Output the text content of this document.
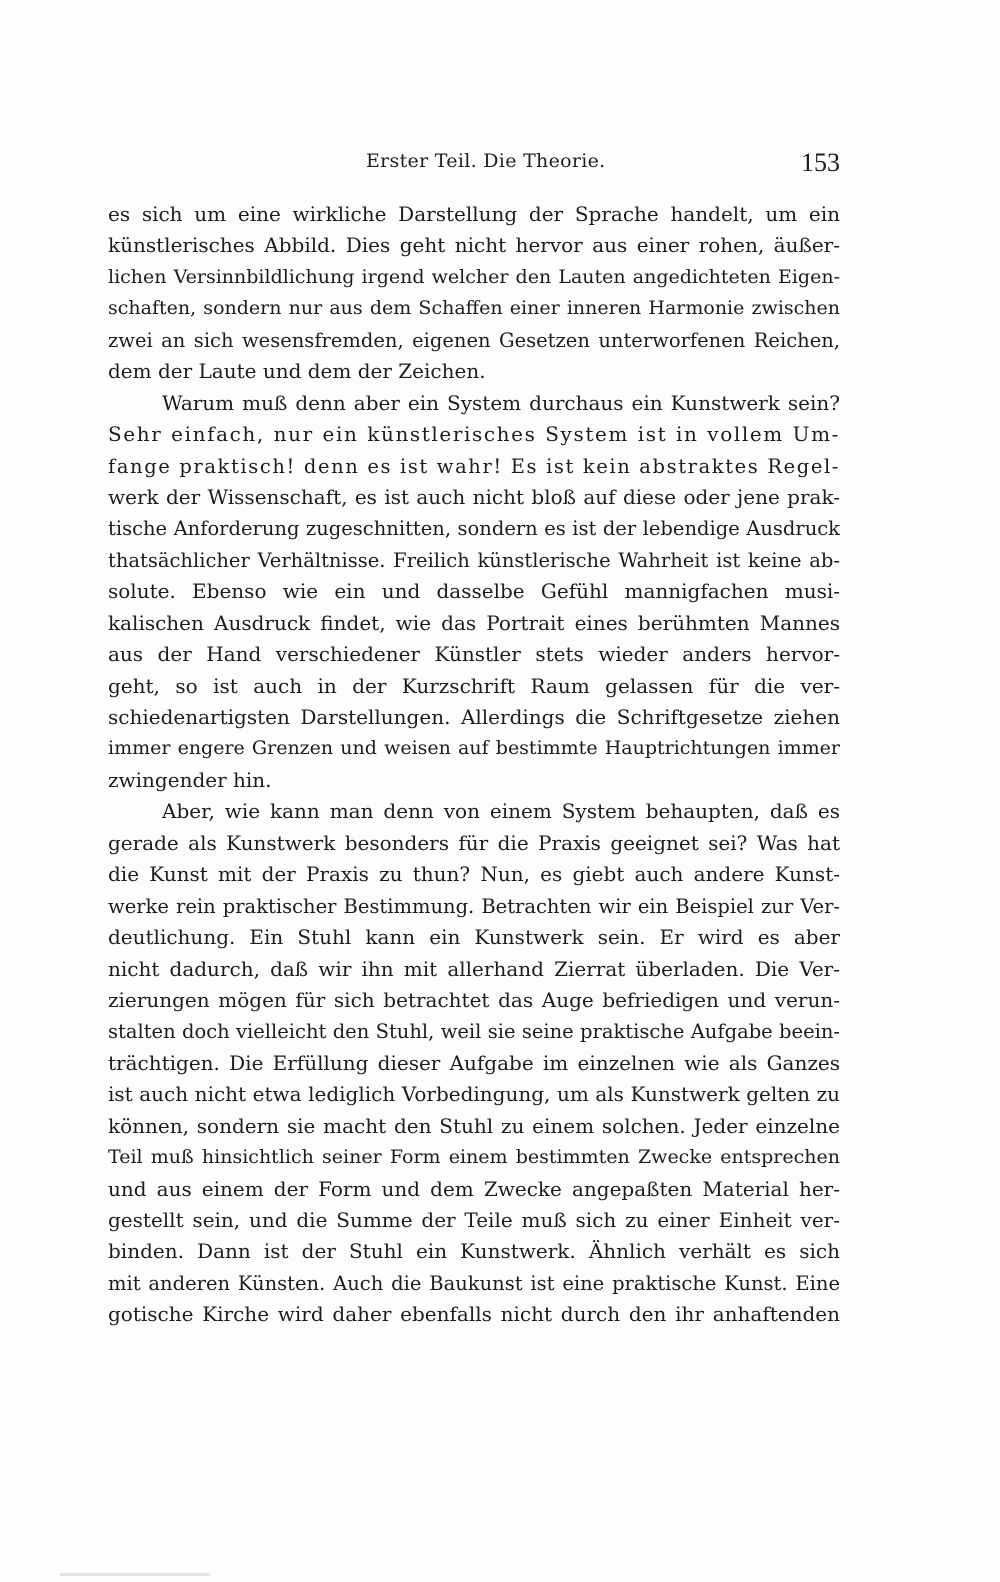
Erster Teil. Die Theorie.	153
es sich um eine wirkliche Darstellung der Sprache handelt, um ein
künstlerisches Abbild. Dies geht nicht hervor aus einer rohen, äußer-
lichen Versinnbildlichung irgend welcher den Lauten angedichteten Eigen-
schaften, sondern nur aus dem Schaffen einer inneren Harmonie zwischen
zwei an sich wesensfremden, eigenen Gesetzen unterworfenen Reichen,
dem der Laute und dem der Zeichen.
Warum muß denn aber ein System durchaus ein Kunstwerk sein?
Sehr einfach, nur ein künstlerisches System ist in vollem Um-
fange praktisch! denn es ist wahr! Es ist kein abstraktes Regel-
werk der Wissenschaft, es ist auch nicht bloß auf diese oder jene prak-
tische Anforderung zugeschnitten, sondern es ist der lebendige Ausdruck
thatsächlicher Verhältnisse. Freilich künstlerische Wahrheit ist keine ab-
solute. Ebenso wie ein und dasselbe Gefühl mannigfachen musi-
kalischen Ausdruck findet, wie das Portrait eines berühmten Mannes
aus der Hand verschiedener Künstler stets wieder anders hervor-
geht, so ist auch in der Kurzschrift Raum gelassen für die ver-
schiedenartigsten Darstellungen. Allerdings die Schriftgesetze ziehen
immer engere Grenzen und weisen auf bestimmte Hauptrichtungen immer
zwingender hin.
Aber, wie kann man denn von einem System behaupten, daß es
gerade als Kunstwerk besonders für die Praxis geeignet sei? Was hat
die Kunst mit der Praxis zu thun? Nun, es giebt auch andere Kunst-
werke rein praktischer Bestimmung. Betrachten wir ein Beispiel zur Ver-
deutlichung. Ein Stuhl kann ein Kunstwerk sein. Er wird es aber
nicht dadurch, daß wir ihn mit allerhand Zierrat überladen. Die Ver-
zierungen mögen für sich betrachtet das Auge befriedigen und verun-
stalten doch vielleicht den Stuhl, weil sie seine praktische Aufgabe beein-
trächtigen. Die Erfüllung dieser Aufgabe im einzelnen wie als Ganzes
ist auch nicht etwa lediglich Vorbedingung, um als Kunstwerk gelten zu
können, sondern sie macht den Stuhl zu einem solchen. Jeder einzelne
Teil muß hinsichtlich seiner Form einem bestimmten Zwecke entsprechen
und aus einem der Form und dem Zwecke angepaßten Material her-
gestellt sein, und die Summe der Teile muß sich zu einer Einheit ver-
binden. Dann ist der Stuhl ein Kunstwerk. Ähnlich verhält es sich
mit anderen Künsten. Auch die Baukunst ist eine praktische Kunst. Eine
gotische Kirche wird daher ebenfalls nicht durch den ihr anhaftenden
